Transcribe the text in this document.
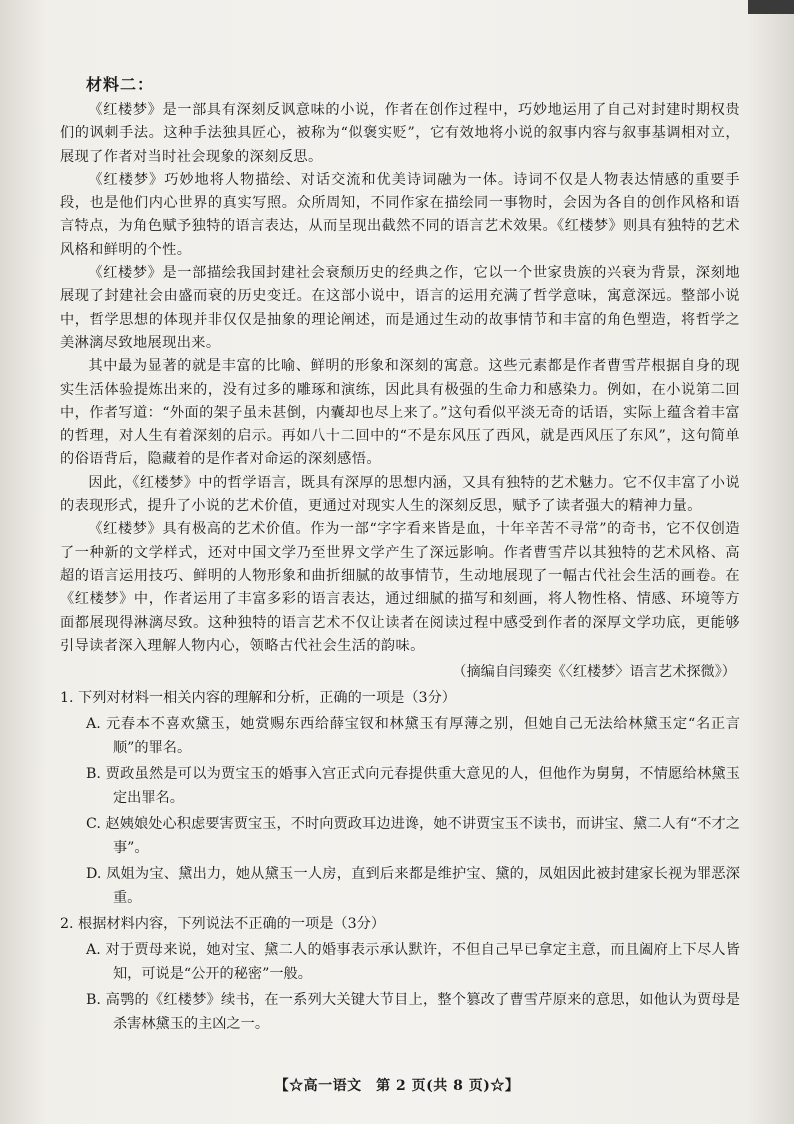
材料二：

《红楼梦》是一部具有深刻反讽意味的小说，作者在创作过程中，巧妙地运用了自己对封建时期权贵们的讽刺手法。这种手法独具匠心，被称为“似褒实贬”，它有效地将小说的叙事内容与叙事基调相对立，展现了作者对当时社会现象的深刻反思。

《红楼梦》巧妙地将人物描绘、对话交流和优美诗词融为一体。诗词不仅是人物表达情感的重要手段，也是他们内心世界的真实写照。众所周知，不同作家在描绘同一事物时，会因为各自的创作风格和语言特点，为角色赋予独特的语言表达，从而呈现出截然不同的语言艺术效果。《红楼梦》则具有独特的艺术风格和鲜明的个性。

《红楼梦》是一部描绘我国封建社会衰颓历史的经典之作，它以一个世家贵族的兴衰为背景，深刻地展现了封建社会由盛而衰的历史变迁。在这部小说中，语言的运用充满了哲学意味，寓意深远。整部小说中，哲学思想的体现并非仅仅是抽象的理论阐述，而是通过生动的故事情节和丰富的角色塑造，将哲学之美淋漓尽致地展现出来。

其中最为显著的就是丰富的比喻、鲜明的形象和深刻的寓意。这些元素都是作者曹雪芹根据自身的现实生活体验提炼出来的，没有过多的雕琢和演练，因此具有极强的生命力和感染力。例如，在小说第二回中，作者写道：“外面的架子虽未甚倒，内囊却也尽上来了。”这句看似平淡无奇的话语，实际上蕴含着丰富的哲理，对人生有着深刻的启示。再如八十二回中的“不是东风压了西风，就是西风压了东风”，这句简单的俗语背后，隐藏着的是作者对命运的深刻感悟。

因此，《红楼梦》中的哲学语言，既具有深厚的思想内涵，又具有独特的艺术魅力。它不仅丰富了小说的表现形式，提升了小说的艺术价值，更通过对现实人生的深刻反思，赋予了读者强大的精神力量。

《红楼梦》具有极高的艺术价值。作为一部“字字看来皆是血，十年辛苦不寻常”的奇书，它不仅创造了一种新的文学样式，还对中国文学乃至世界文学产生了深远影响。作者曹雪芹以其独特的艺术风格、高超的语言运用技巧、鲜明的人物形象和曲折细腻的故事情节，生动地展现了一幅古代社会生活的画卷。在《红楼梦》中，作者运用了丰富多彩的语言表达，通过细腻的描写和刻画，将人物性格、情感、环境等方面都展现得淋漓尽致。这种独特的语言艺术不仅让读者在阅读过程中感受到作者的深厚文学功底，更能够引导读者深入理解人物内心，领略古代社会生活的韵味。

（摘编自闫臻奕《〈红楼梦〉语言艺术探微》）
1. 下列对材料一相关内容的理解和分析，正确的一项是（3分）
A. 元春本不喜欢黛玉，她赏赐东西给薛宝钗和林黛玉有厚薄之别，但她自己无法给林黛玉定“名正言顺”的罪名。
B. 贾政虽然是可以为贾宝玉的婚事入宫正式向元春提供重大意见的人，但他作为舅舅，不情愿给林黛玉定出罪名。
C. 赵姨娘处心积虑要害贾宝玉，不时向贾政耳边进谗，她不讲贾宝玉不读书，而讲宝、黛二人有“不才之事”。
D. 凤姐为宝、黛出力，她从黛玉一人房，直到后来都是维护宝、黛的，凤姐因此被封建家长视为罪恶深重。
2. 根据材料内容，下列说法不正确的一项是（3分）
A. 对于贾母来说，她对宝、黛二人的婚事表示承认默许，不但自己早已拿定主意，而且阖府上下尽人皆知，可说是“公开的秘密”一般。
B. 高鹗的《红楼梦》续书，在一系列大关键大节目上，整个篡改了曹雪芹原来的意思，如他认为贾母是杀害林黛玉的主凶之一。
【☆高一语文　第 2 页(共 8 页)☆】
